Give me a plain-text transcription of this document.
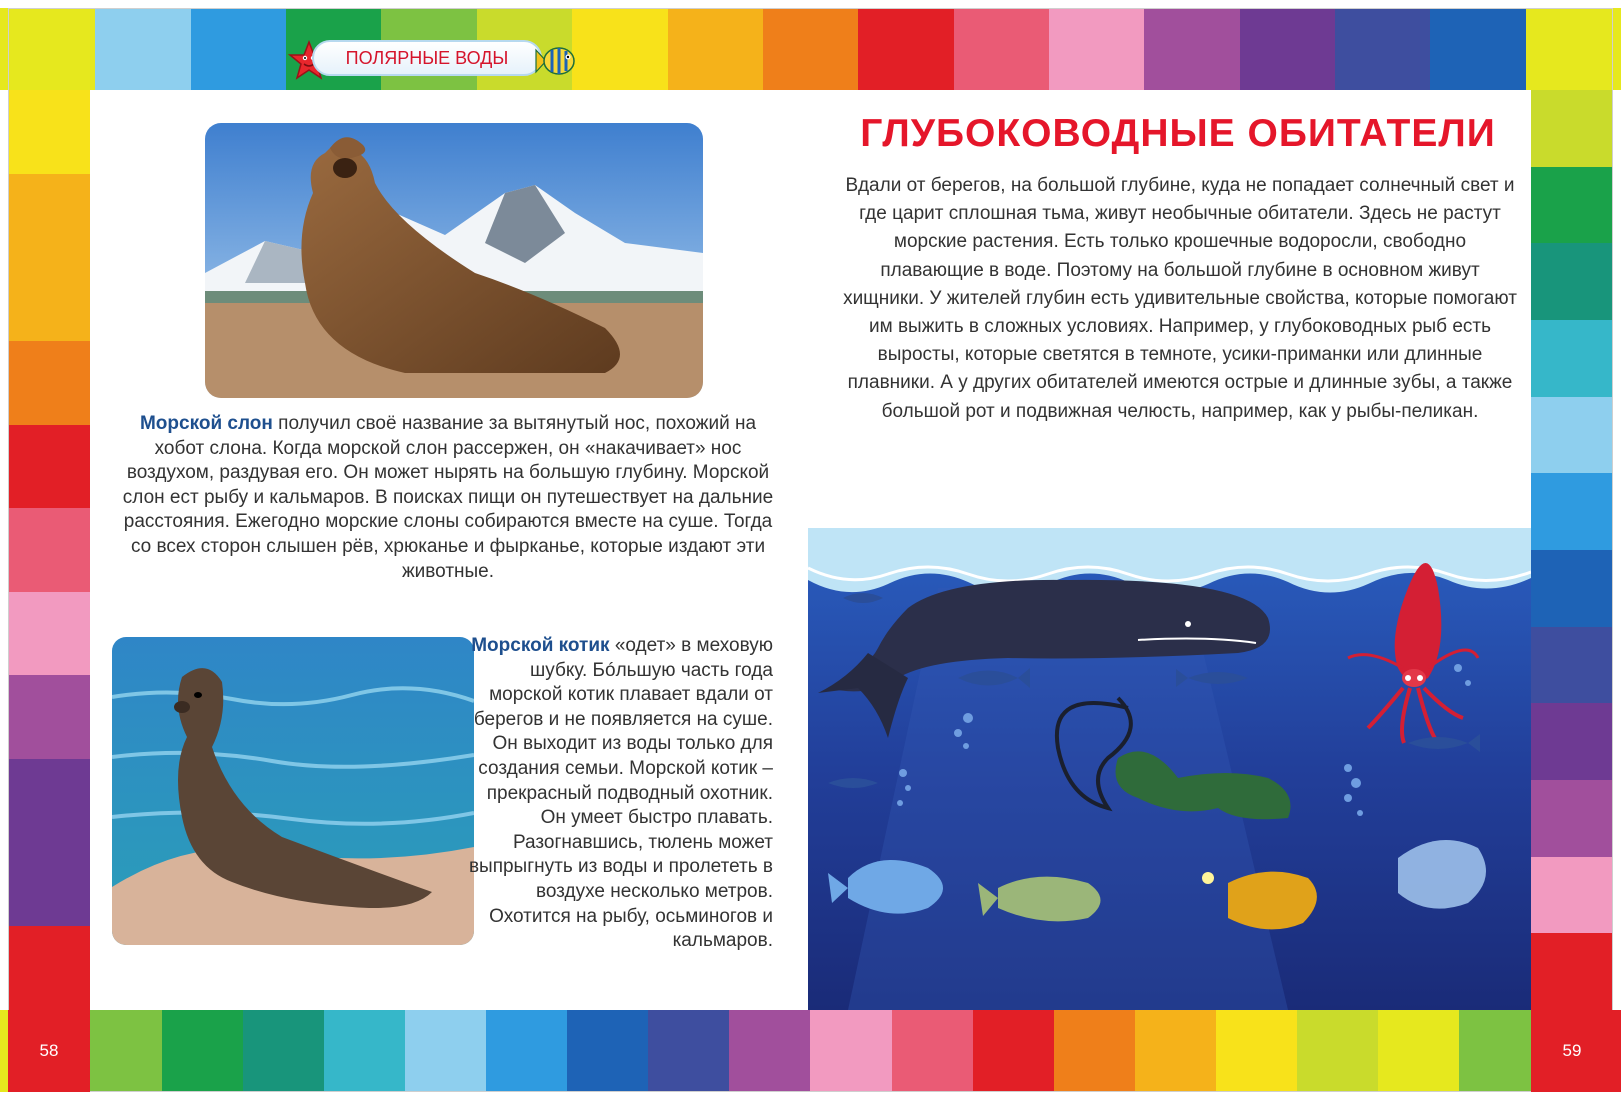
ПОЛЯРНЫЕ ВОДЫ

Морской слон получил своё название за вытянутый нос, похожий на хобот слона. Когда морской слон рассержен, он «накачивает» нос воздухом, раздувая его. Он может нырять на большую глубину. Морской слон ест рыбу и кальмаров. В поисках пищи он путешествует на дальние расстояния. Ежегодно морские слоны собираются вместе на суше. Тогда со всех сторон слышен рёв, хрюканье и фырканье, которые издают эти животные.

Морской котик «одет» в меховую шубку. Бóльшую часть года морской котик плавает вдали от берегов и не появляется на суше. Он выходит из воды только для создания семьи. Морской котик – прекрасный подводный охотник. Он умеет быстро плавать. Разогнавшись, тюлень может выпрыгнуть из воды и пролететь в воздухе несколько метров. Охотится на рыбу, осьминогов и кальмаров.

ГЛУБОКОВОДНЫЕ ОБИТАТЕЛИ
Вдали от берегов, на большой глубине, куда не попадает солнечный свет и где царит сплошная тьма, живут необычные обитатели. Здесь не растут морские растения. Есть только крошечные водоросли, свободно плавающие в воде. Поэтому на большой глубине в основном живут хищники. У жителей глубин есть удивительные свойства, которые помогают им выжить в сложных условиях. Например, у глубоководных рыб есть выросты, которые светятся в темноте, усики-приманки или длинные плавники. А у других обитателей имеются острые и длинные зубы, а также большой рот и подвижная челюсть, например, как у рыбы-пеликан.
58	59
